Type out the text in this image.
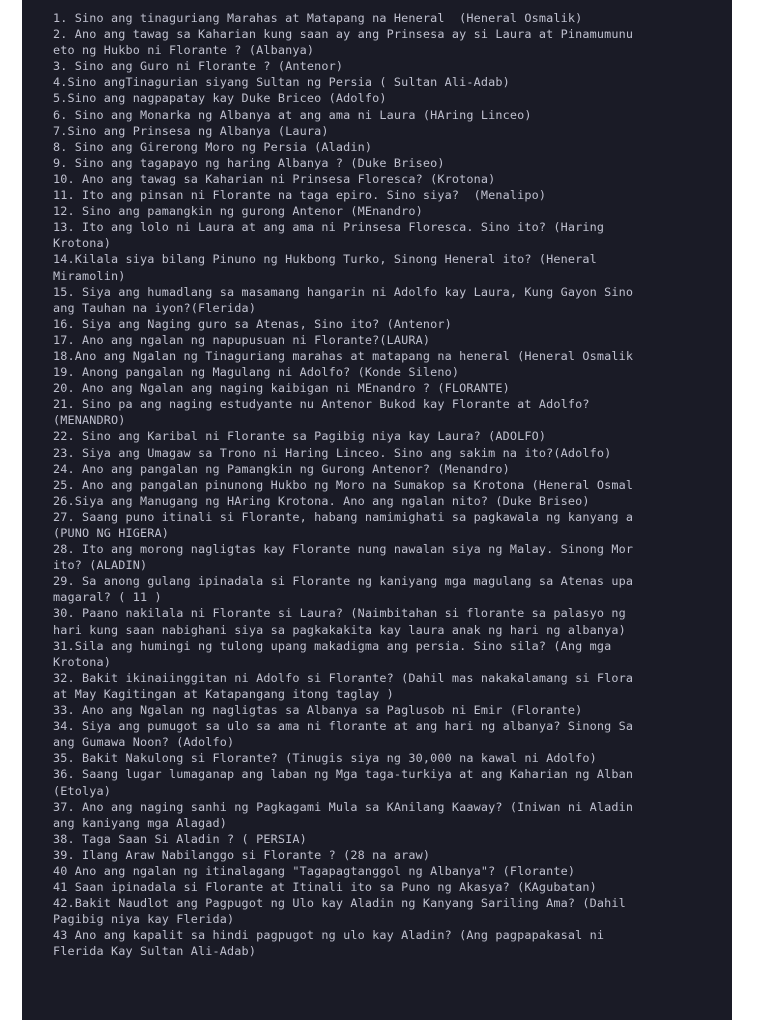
1. Sino ang tinaguriang Marahas at Matapang na Heneral  (Heneral Osmalik)
2. Ano ang tawag sa Kaharian kung saan ay ang Prinsesa ay si Laura at Pinamumunu
eto ng Hukbo ni Florante ? (Albanya)
3. Sino ang Guro ni Florante ? (Antenor)
4.Sino angTinagurian siyang Sultan ng Persia ( Sultan Ali-Adab)
5.Sino ang nagpapatay kay Duke Briceo (Adolfo)
6. Sino ang Monarka ng Albanya at ang ama ni Laura (HAring Linceo)
7.Sino ang Prinsesa ng Albanya (Laura)
8. Sino ang Girerong Moro ng Persia (Aladin)
9. Sino ang tagapayo ng haring Albanya ? (Duke Briseo)
10. Ano ang tawag sa Kaharian ni Prinsesa Floresca? (Krotona)
11. Ito ang pinsan ni Florante na taga epiro. Sino siya?  (Menalipo)
12. Sino ang pamangkin ng gurong Antenor (MEnandro)
13. Ito ang lolo ni Laura at ang ama ni Prinsesa Floresca. Sino ito? (Haring
Krotona)
14.Kilala siya bilang Pinuno ng Hukbong Turko, Sinong Heneral ito? (Heneral
Miramolin)
15. Siya ang humadlang sa masamang hangarin ni Adolfo kay Laura, Kung Gayon Sino
ang Tauhan na iyon?(Flerida)
16. Siya ang Naging guro sa Atenas, Sino ito? (Antenor)
17. Ano ang ngalan ng napupusuan ni Florante?(LAURA)
18.Ano ang Ngalan ng Tinaguriang marahas at matapang na heneral (Heneral Osmalik
19. Anong pangalan ng Magulang ni Adolfo? (Konde Sileno)
20. Ano ang Ngalan ang naging kaibigan ni MEnandro ? (FLORANTE)
21. Sino pa ang naging estudyante nu Antenor Bukod kay Florante at Adolfo?
(MENANDRO)
22. Sino ang Karibal ni Florante sa Pagibig niya kay Laura? (ADOLFO)
23. Siya ang Umagaw sa Trono ni Haring Linceo. Sino ang sakim na ito?(Adolfo)
24. Ano ang pangalan ng Pamangkin ng Gurong Antenor? (Menandro)
25. Ano ang pangalan pinunong Hukbo ng Moro na Sumakop sa Krotona (Heneral Osmal
26.Siya ang Manugang ng HAring Krotona. Ano ang ngalan nito? (Duke Briseo)
27. Saang puno itinali si Florante, habang namimighati sa pagkawala ng kanyang a
(PUNO NG HIGERA)
28. Ito ang morong nagligtas kay Florante nung nawalan siya ng Malay. Sinong Mor
ito? (ALADIN)
29. Sa anong gulang ipinadala si Florante ng kaniyang mga magulang sa Atenas upa
magaral? ( 11 )
30. Paano nakilala ni Florante si Laura? (Naimbitahan si florante sa palasyo ng
hari kung saan nabighani siya sa pagkakakita kay laura anak ng hari ng albanya)
31.Sila ang humingi ng tulong upang makadigma ang persia. Sino sila? (Ang mga
Krotona)
32. Bakit ikinaiinggitan ni Adolfo si Florante? (Dahil mas nakakalamang si Flora
at May Kagitingan at Katapangang itong taglay )
33. Ano ang Ngalan ng nagligtas sa Albanya sa Paglusob ni Emir (Florante)
34. Siya ang pumugot sa ulo sa ama ni florante at ang hari ng albanya? Sinong Sa
ang Gumawa Noon? (Adolfo)
35. Bakit Nakulong si Florante? (Tinugis siya ng 30,000 na kawal ni Adolfo)
36. Saang lugar lumaganap ang laban ng Mga taga-turkiya at ang Kaharian ng Alban
(Etolya)
37. Ano ang naging sanhi ng Pagkagami Mula sa KAnilang Kaaway? (Iniwan ni Aladin
ang kaniyang mga Alagad)
38. Taga Saan Si Aladin ? ( PERSIA)
39. Ilang Araw Nabilanggo si Florante ? (28 na araw)
40 Ano ang ngalan ng itinalagang "Tagapagtanggol ng Albanya"? (Florante)
41 Saan ipinadala si Florante at Itinali ito sa Puno ng Akasya? (KAgubatan)
42.Bakit Naudlot ang Pagpugot ng Ulo kay Aladin ng Kanyang Sariling Ama? (Dahil
Pagibig niya kay Flerida)
43 Ano ang kapalit sa hindi pagpugot ng ulo kay Aladin? (Ang pagpapakasal ni
Flerida Kay Sultan Ali-Adab)
